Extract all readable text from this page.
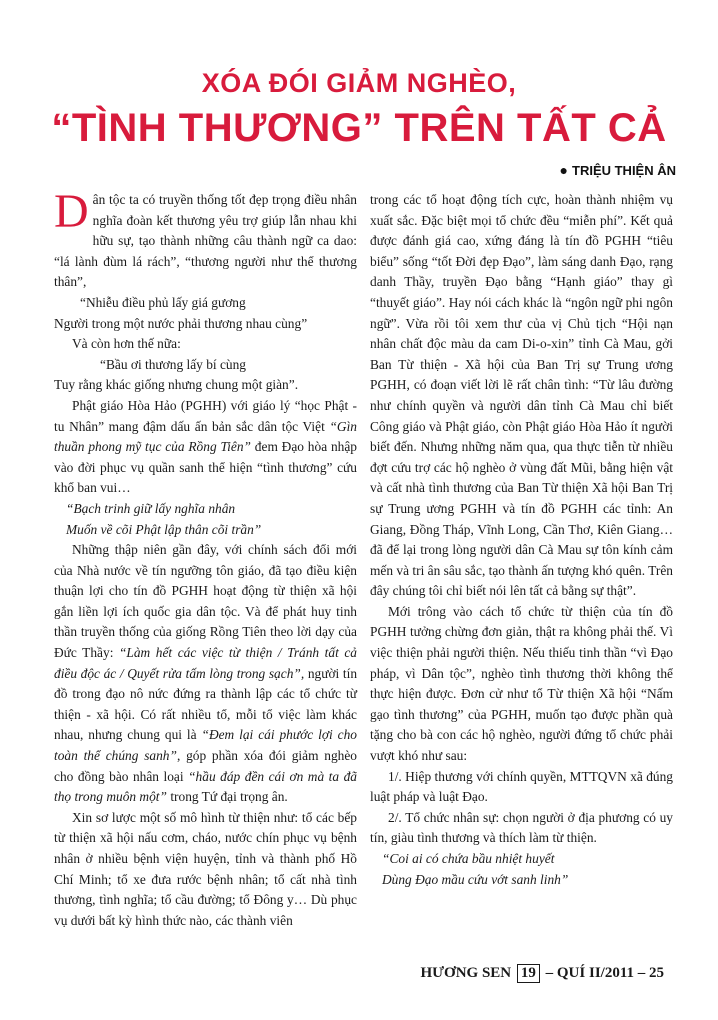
XÓA ĐÓI GIẢM NGHÈO,
“TÌNH THƯƠNG” TRÊN TẤT CẢ
● TRIỆU THIỆN ÂN

Dân tộc ta có truyền thống tốt đẹp trọng điều nhân nghĩa đoàn kết thương yêu trợ giúp lẫn nhau khi hữu sự, tạo thành những câu thành ngữ ca dao: “lá lành đùm lá rách”, “thương người như thể thương thân”,

“Nhiễu điều phủ lấy giá gương

Người trong một nước phải thương nhau cùng”

Và còn hơn thế nữa:

“Bầu ơi thương lấy bí cùng

Tuy rằng khác giống nhưng chung một giàn”.

Phật giáo Hòa Hảo (PGHH) với giáo lý “học Phật - tu Nhân” mang đậm dấu ấn bản sắc dân tộc Việt “Gìn thuần phong mỹ tục của Rồng Tiên” đem Đạo hòa nhập vào đời phục vụ quần sanh thể hiện “tình thương” cứu khổ ban vui…

“Bạch trinh giữ lấy nghĩa nhân

Muốn về cõi Phật lập thân cõi trần”

Những thập niên gần đây, với chính sách đổi mới của Nhà nước về tín ngưỡng tôn giáo, đã tạo điều kiện thuận lợi cho tín đồ PGHH hoạt động từ thiện xã hội gắn liền lợi ích quốc gia dân tộc. Và để phát huy tinh thần truyền thống của giống Rồng Tiên theo lời dạy của Đức Thầy: “Làm hết các việc từ thiện / Tránh tất cả điều độc ác / Quyết rửa tấm lòng trong sạch”, người tín đồ trong đạo nô nức đứng ra thành lập các tổ chức từ thiện - xã hội. Có rất nhiều tổ, mỗi tổ việc làm khác nhau, nhưng chung qui là “Đem lại cái phước lợi cho toàn thể chúng sanh”, góp phần xóa đói giảm nghèo cho đồng bào nhân loại “hầu đáp đền cái ơn mà ta đã thọ trong muôn một” trong Tứ đại trọng ân.

Xin sơ lược một số mô hình từ thiện như: tổ các bếp từ thiện xã hội nấu cơm, cháo, nước chín phục vụ bệnh nhân ở nhiều bệnh viện huyện, tỉnh và thành phố Hồ Chí Minh; tổ xe đưa rước bệnh nhân; tổ cất nhà tình thương, tình nghĩa; tổ cầu đường; tổ Đông y… Dù phục vụ dưới bất kỳ hình thức nào, các thành viên

trong các tổ hoạt động tích cực, hoàn thành nhiệm vụ xuất sắc. Đặc biệt mọi tổ chức đều “miễn phí”. Kết quả được đánh giá cao, xứng đáng là tín đồ PGHH “tiêu biểu” sống “tốt Đời đẹp Đạo”, làm sáng danh Đạo, rạng danh Thầy, truyền Đạo bằng “Hạnh giáo” thay gì “thuyết giáo”. Hay nói cách khác là “ngôn ngữ phi ngôn ngữ”. Vừa rồi tôi xem thư của vị Chủ tịch “Hội nạn nhân chất độc màu da cam Di-o-xin” tỉnh Cà Mau, gởi Ban Từ thiện - Xã hội của Ban Trị sự Trung ương PGHH, có đoạn viết lời lẽ rất chân tình: “Từ lâu đường như chính quyền và người dân tỉnh Cà Mau chỉ biết Công giáo và Phật giáo, còn Phật giáo Hòa Hảo ít người biết đến. Nhưng những năm qua, qua thực tiễn từ nhiều đợt cứu trợ các hộ nghèo ở vùng đất Mũi, bằng hiện vật và cất nhà tình thương của Ban Từ thiện Xã hội Ban Trị sự Trung ương PGHH và tín đồ PGHH các tỉnh: An Giang, Đồng Tháp, Vĩnh Long, Cần Thơ, Kiên Giang… đã để lại trong lòng người dân Cà Mau sự tôn kính cảm mến và tri ân sâu sắc, tạo thành ấn tượng khó quên. Trên đây chúng tôi chỉ biết nói lên tất cả bằng sự thật”.

Mới trông vào cách tổ chức từ thiện của tín đồ PGHH tưởng chừng đơn giản, thật ra không phải thế. Vì việc thiện phải người thiện. Nếu thiếu tinh thần “vì Đạo pháp, vì Dân tộc”, nghèo tình thương thời không thể thực hiện được. Đơn cử như tổ Từ thiện Xã hội “Nấm gạo tình thương” của PGHH, muốn tạo được phần quà tặng cho bà con các hộ nghèo, người đứng tổ chức phải vượt khó như sau:

1/. Hiệp thương với chính quyền, MTTQVN xã đúng luật pháp và luật Đạo.

2/. Tổ chức nhân sự: chọn người ở địa phương có uy tín, giàu tình thương và thích làm từ thiện.

“Coi ai có chứa bầu nhiệt huyết

Dùng Đạo mầu cứu vớt sanh linh”

HƯƠNG SEN 19 – QUÍ II/2011 – 25
